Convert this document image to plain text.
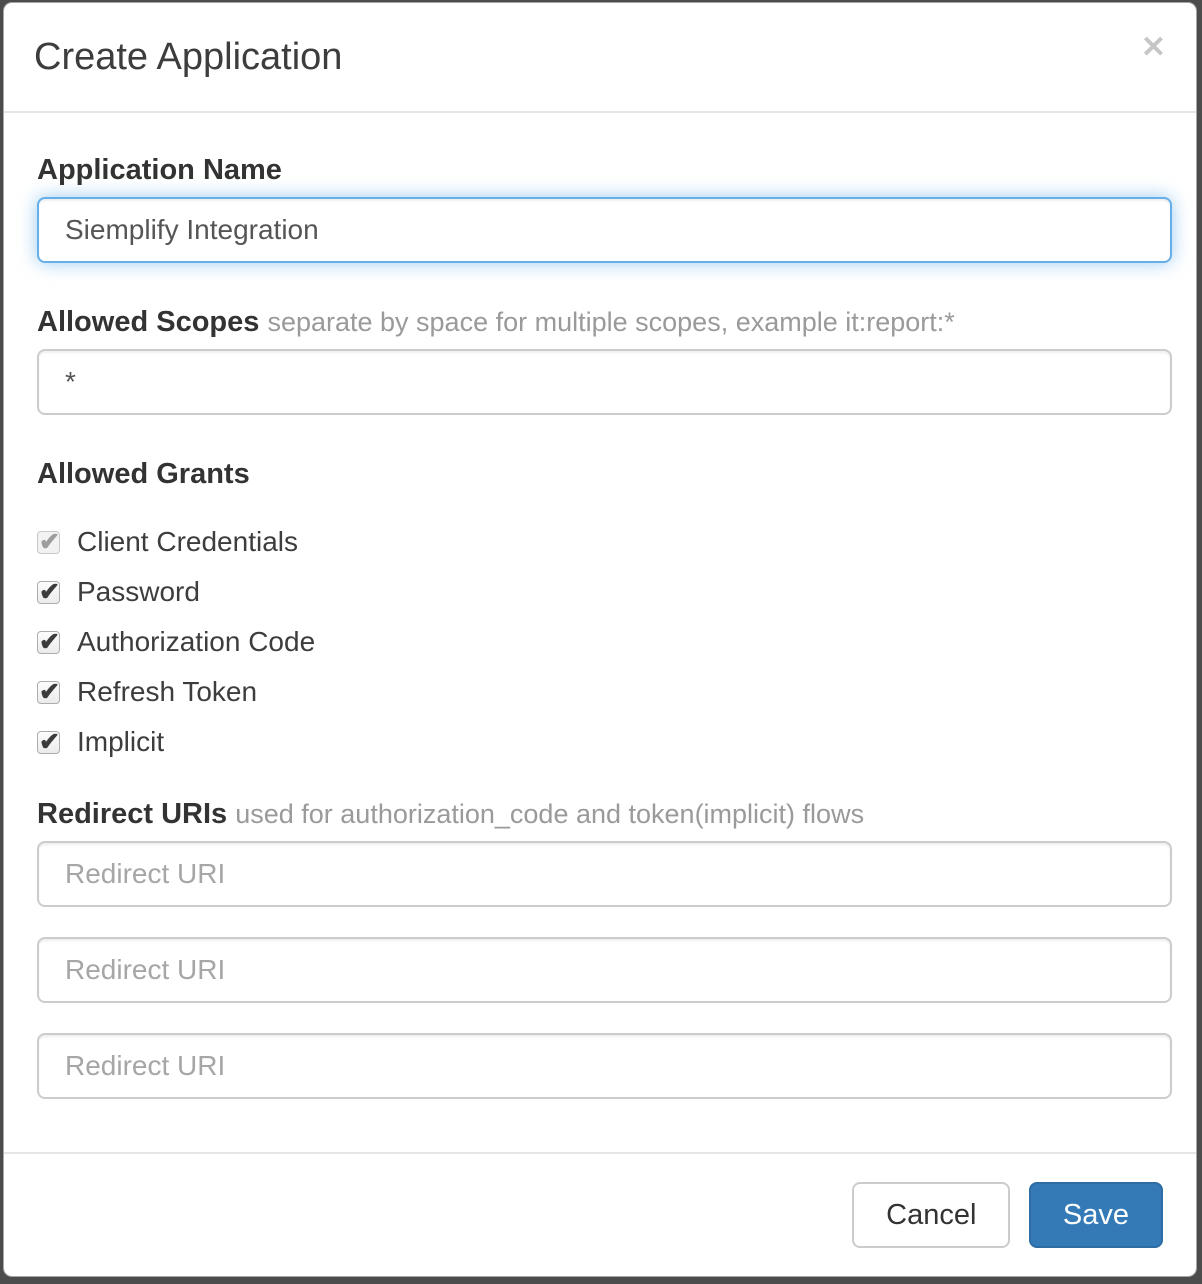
Create Application	✕
Application Name
Siemplify Integration
Allowed Scopes separate by space for multiple scopes, example it:report:*
*
Allowed Grants
✔
Client Credentials
✔
Password
✔
Authorization Code
✔
Refresh Token
✔
Implicit
Redirect URIs used for authorization_code and token(implicit) flows
Redirect URI
Redirect URI
Redirect URI
Cancel	Save
